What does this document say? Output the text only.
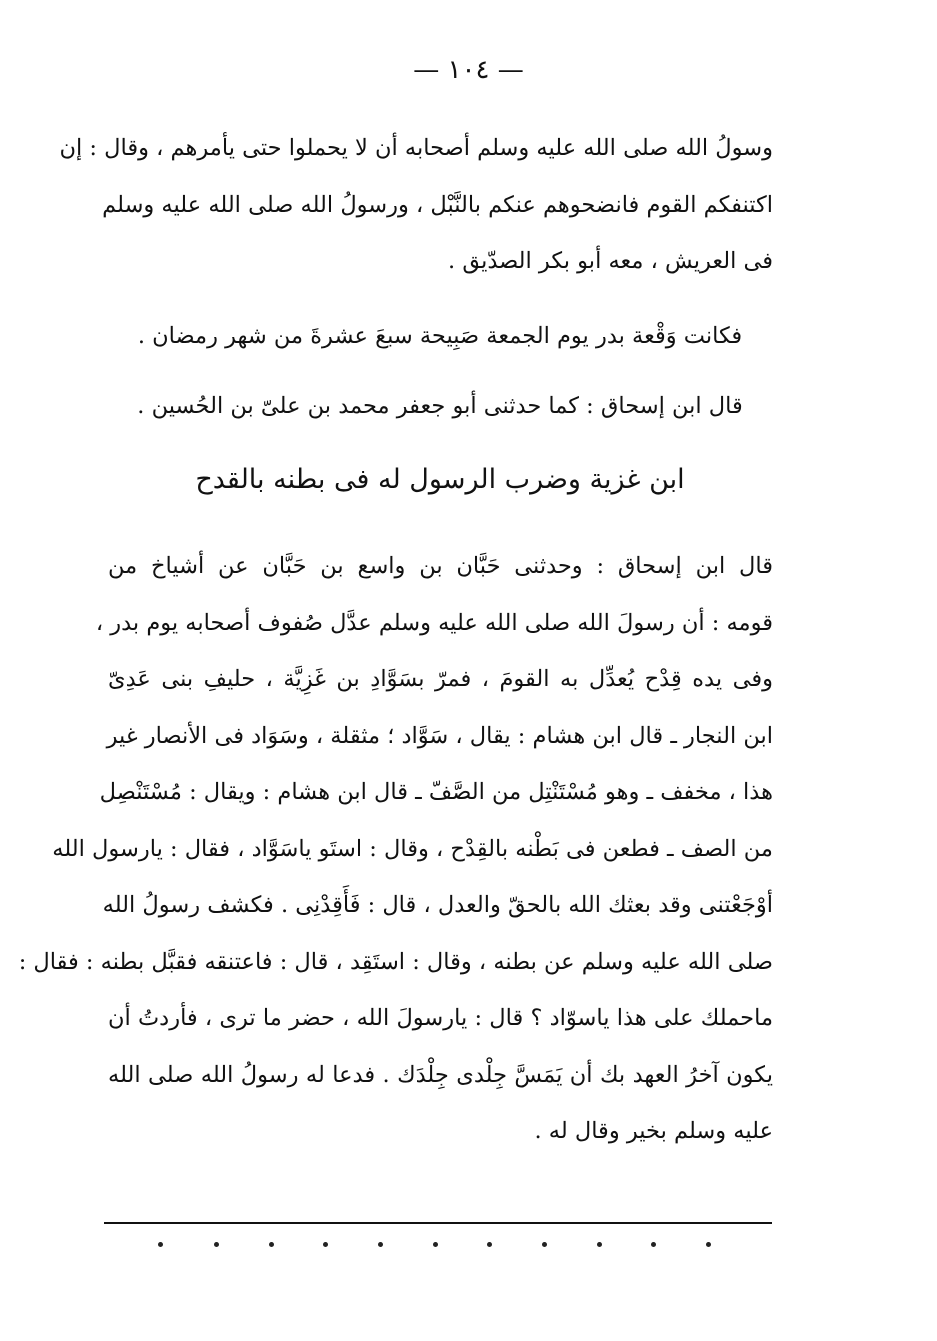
— ١٠٤ —
وسولُ الله صلى الله عليه وسلم أصحابه أن لا يحملوا حتى يأمرهم ، وقال : إن
اكتنفكم القوم فانضحوهم عنكم بالنَّبْل ، ورسولُ الله صلى الله عليه وسلم
فى العريش ، معه أبو بكر الصدّيق .
فكانت وَقْعة بدر يوم الجمعة صَبِيحة سبعَ عشرةَ من شهر رمضان .
قال ابن إسحاق : كما حدثنى أبو جعفر محمد بن علىّ بن الحُسين .
ابن غزية وضرب الرسول له فى بطنه بالقدح
قال ابن إسحاق : وحدثنى حَبَّان بن واسع بن حَبَّان عن أشياخ من
قومه : أن رسولَ الله صلى الله عليه وسلم عدَّل صُفوف أصحابه يوم بدر ،
وفى يده قِدْح يُعدِّل به القومَ ، فمرّ بسَوَّادِ بن غَزِيَّة ، حليفِ بنى عَدِىّ
ابن النجار ـ قال ابن هشام : يقال ، سَوَّاد ؛ مثقلة ، وسَوَاد فى الأنصار غير
هذا ، مخفف ـ وهو مُسْتَنْتِل من الصَّفّ ـ قال ابن هشام : ويقال : مُسْتَنْصِل
من الصف ـ فطعن فى بَطْنه بالقِدْح ، وقال : استَو ياسَوَّاد ، فقال : يارسول الله
أوْجَعْتنى وقد بعثك الله بالحقّ والعدل ، قال : فَأَقِدْنِى . فكشف رسولُ الله
صلى الله عليه وسلم عن بطنه ، وقال : استَقِد ، قال : فاعتنقه فقبَّل بطنه : فقال :
ماحملك على هذا ياسوّاد ؟ قال : يارسولَ الله ، حضر ما ترى ، فأردتُ أن
يكون آخرُ العهد بك أن يَمَسَّ جِلْدى جِلْدَك . فدعا له رسولُ الله صلى الله
عليه وسلم بخير وقال له .
